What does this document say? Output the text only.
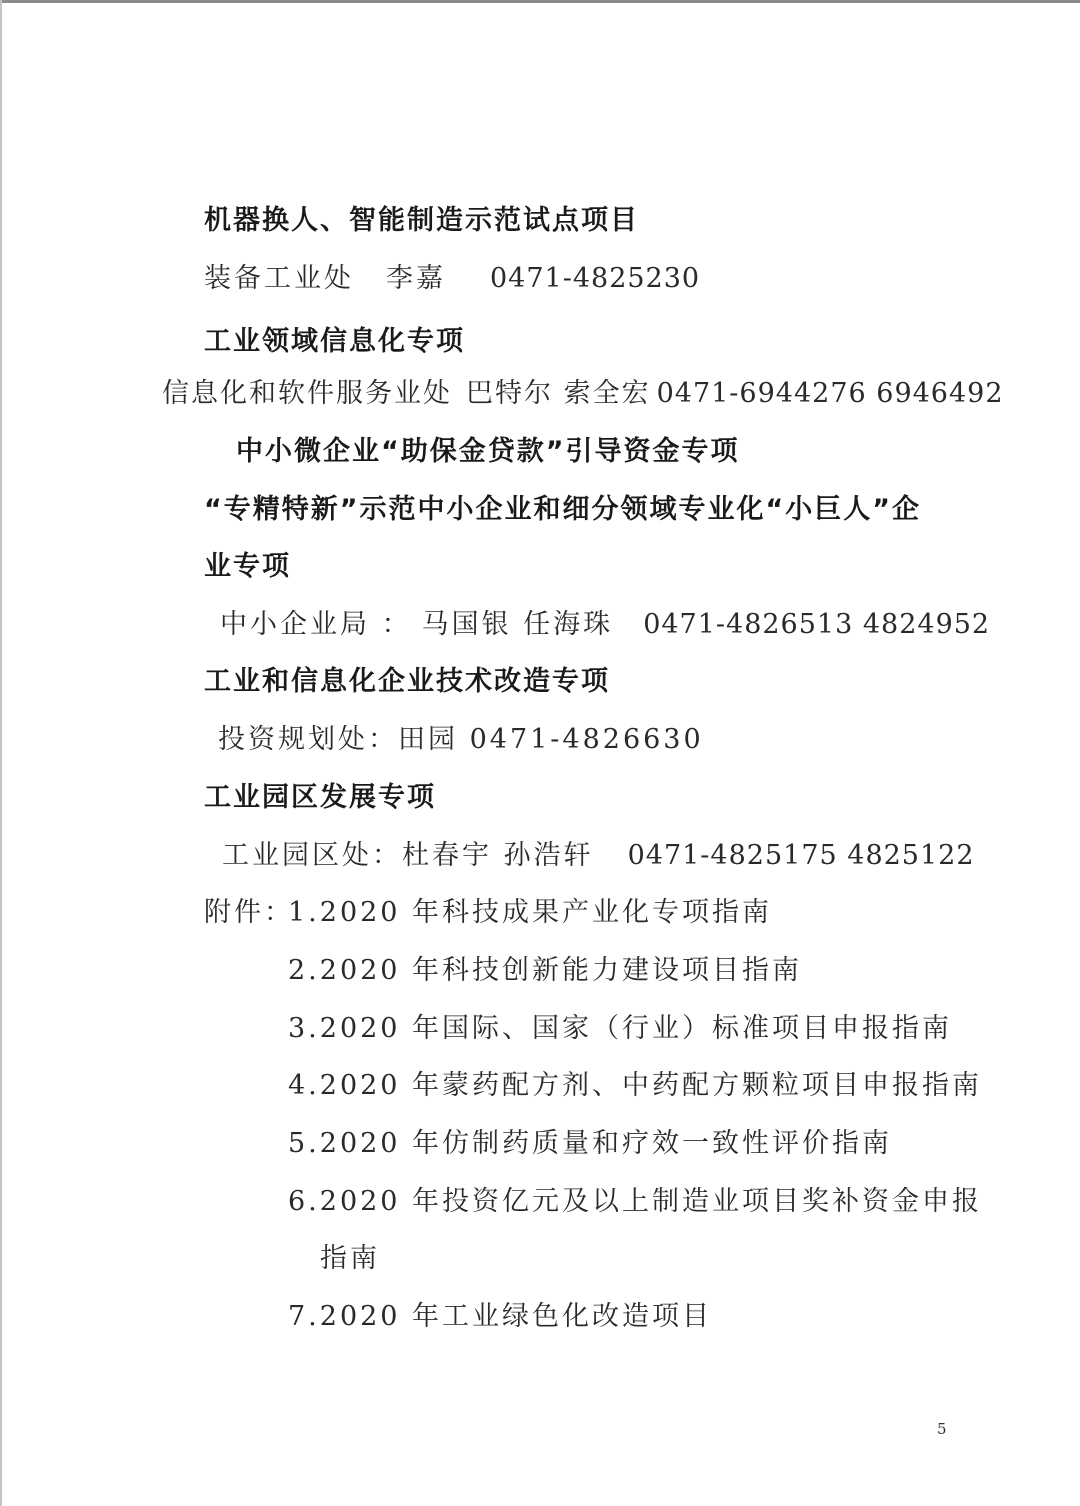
机器换人、智能制造示范试点项目
装备工业处 李嘉 0471-4825230
工业领域信息化专项
信息化和软件服务业处 巴特尔 索全宏 0471-6944276 6946492
中小微企业“助保金贷款”引导资金专项
“专精特新”示范中小企业和细分领域专业化“小巨人”企
业专项
中小企业局 ： 马国银 任海珠 0471-4826513 4824952
工业和信息化企业技术改造专项
投资规划处：田园 0471-4826630
工业园区发展专项
工业园区处：杜春宇 孙浩轩 0471-4825175 4825122
附件：
1.2020 年科技成果产业化专项指南
2.2020 年科技创新能力建设项目指南
3.2020 年国际、国家（行业）标准项目申报指南
4.2020 年蒙药配方剂、中药配方颗粒项目申报指南
5.2020 年仿制药质量和疗效一致性评价指南
6.2020 年投资亿元及以上制造业项目奖补资金申报
指南
7.2020 年工业绿色化改造项目
5
